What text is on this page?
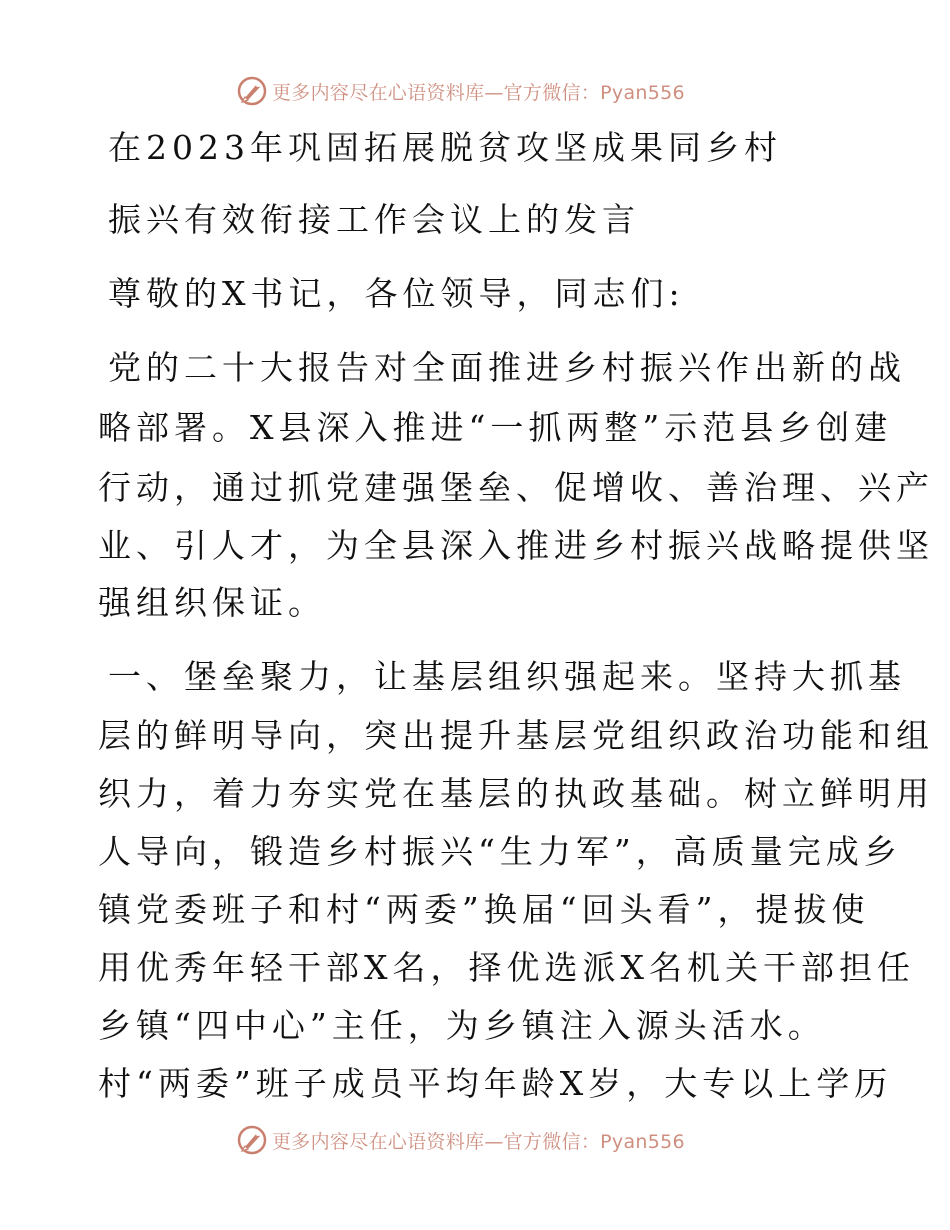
更多内容尽在心语资料库—官方微信：Pyan556
在2023年巩固拓展脱贫攻坚成果同乡村
振兴有效衔接工作会议上的发言
尊敬的X书记，各位领导，同志们:
党的二十大报告对全面推进乡村振兴作出新的战
略部署。X县深入推进“一抓两整”示范县乡创建
行动，通过抓党建强堡垒、促增收、善治理、兴产
业、引人才，为全县深入推进乡村振兴战略提供坚
强组织保证。
一、堡垒聚力，让基层组织强起来。坚持大抓基
层的鲜明导向，突出提升基层党组织政治功能和组
织力，着力夯实党在基层的执政基础。树立鲜明用
人导向，锻造乡村振兴“生力军”，高质量完成乡
镇党委班子和村“两委”换届“回头看”，提拔使
用优秀年轻干部X名，择优选派X名机关干部担任
乡镇“四中心”主任，为乡镇注入源头活水。
村“两委”班子成员平均年龄X岁，大专以上学历
更多内容尽在心语资料库—官方微信：Pyan556
